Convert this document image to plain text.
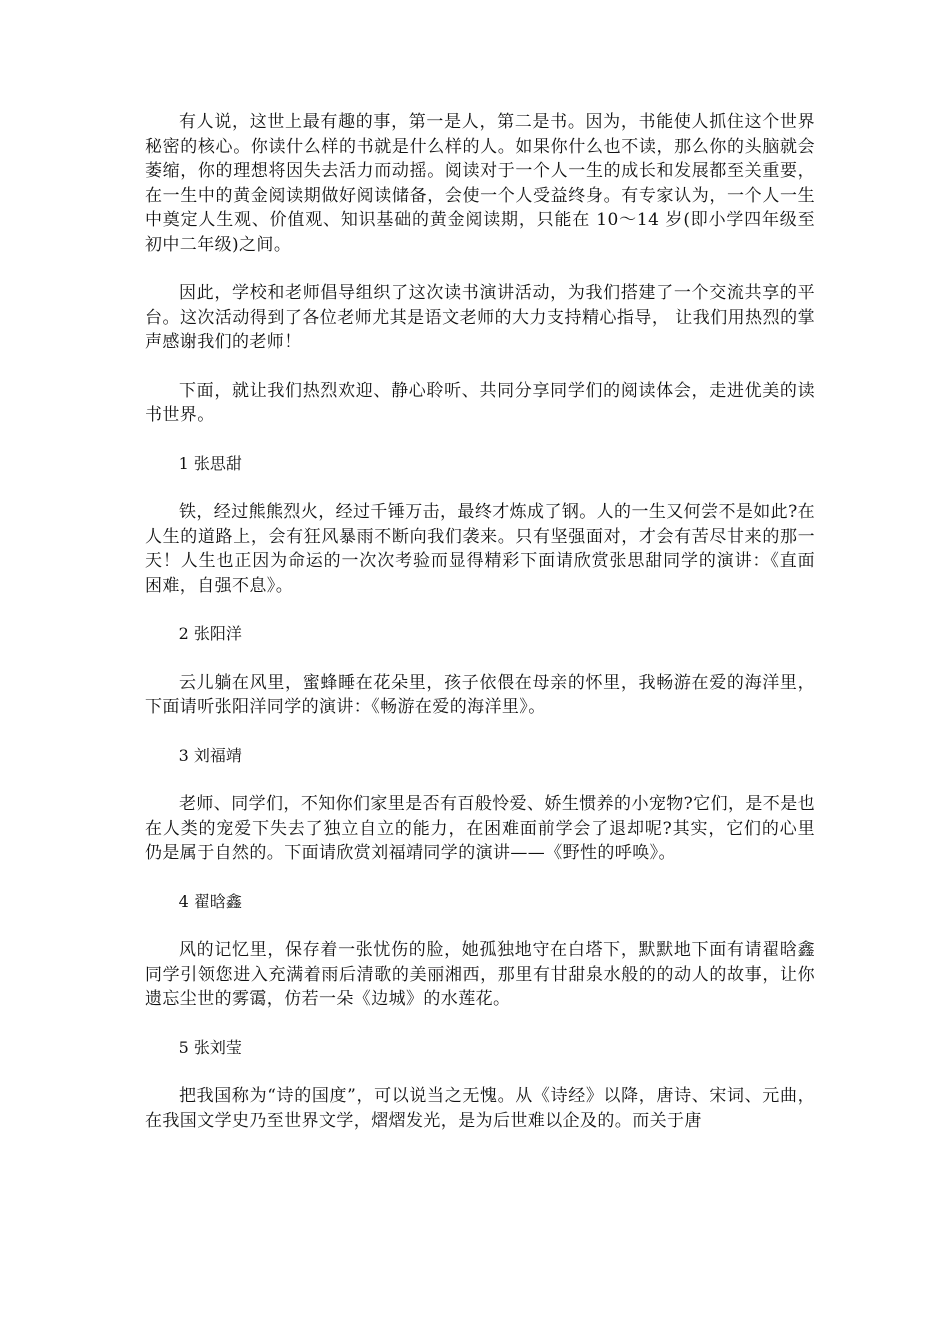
有人说，这世上最有趣的事，第一是人，第二是书。因为，书能使人抓住这个世界秘密的核心。你读什么样的书就是什么样的人。如果你什么也不读，那么你的头脑就会萎缩，你的理想将因失去活力而动摇。阅读对于一个人一生的成长和发展都至关重要，在一生中的黄金阅读期做好阅读储备，会使一个人受益终身。有专家认为，一个人一生中奠定人生观、价值观、知识基础的黄金阅读期，只能在 10～14 岁(即小学四年级至初中二年级)之间。

因此，学校和老师倡导组织了这次读书演讲活动，为我们搭建了一个交流共享的平台。这次活动得到了各位老师尤其是语文老师的大力支持精心指导， 让我们用热烈的掌声感谢我们的老师！

下面，就让我们热烈欢迎、静心聆听、共同分享同学们的阅读体会，走进优美的读书世界。

1 张思甜

铁，经过熊熊烈火，经过千锤万击，最终才炼成了钢。人的一生又何尝不是如此?在人生的道路上，会有狂风暴雨不断向我们袭来。只有坚强面对，才会有苦尽甘来的那一天！人生也正因为命运的一次次考验而显得精彩下面请欣赏张思甜同学的演讲：《直面困难，自强不息》。

2 张阳洋

云儿躺在风里，蜜蜂睡在花朵里，孩子依偎在母亲的怀里，我畅游在爱的海洋里，下面请听张阳洋同学的演讲：《畅游在爱的海洋里》。

3 刘福靖

老师、同学们，不知你们家里是否有百般怜爱、娇生惯养的小宠物?它们，是不是也在人类的宠爱下失去了独立自立的能力，在困难面前学会了退却呢?其实，它们的心里仍是属于自然的。下面请欣赏刘福靖同学的演讲——《野性的呼唤》。

4 翟晗鑫

风的记忆里，保存着一张忧伤的脸，她孤独地守在白塔下，默默地下面有请翟晗鑫同学引领您进入充满着雨后清歌的美丽湘西，那里有甘甜泉水般的的动人的故事，让你遗忘尘世的雾霭，仿若一朵《边城》的水莲花。

5 张刘莹

把我国称为“诗的国度”，可以说当之无愧。从《诗经》以降，唐诗、宋词、元曲，在我国文学史乃至世界文学，熠熠发光，是为后世难以企及的。而关于唐
